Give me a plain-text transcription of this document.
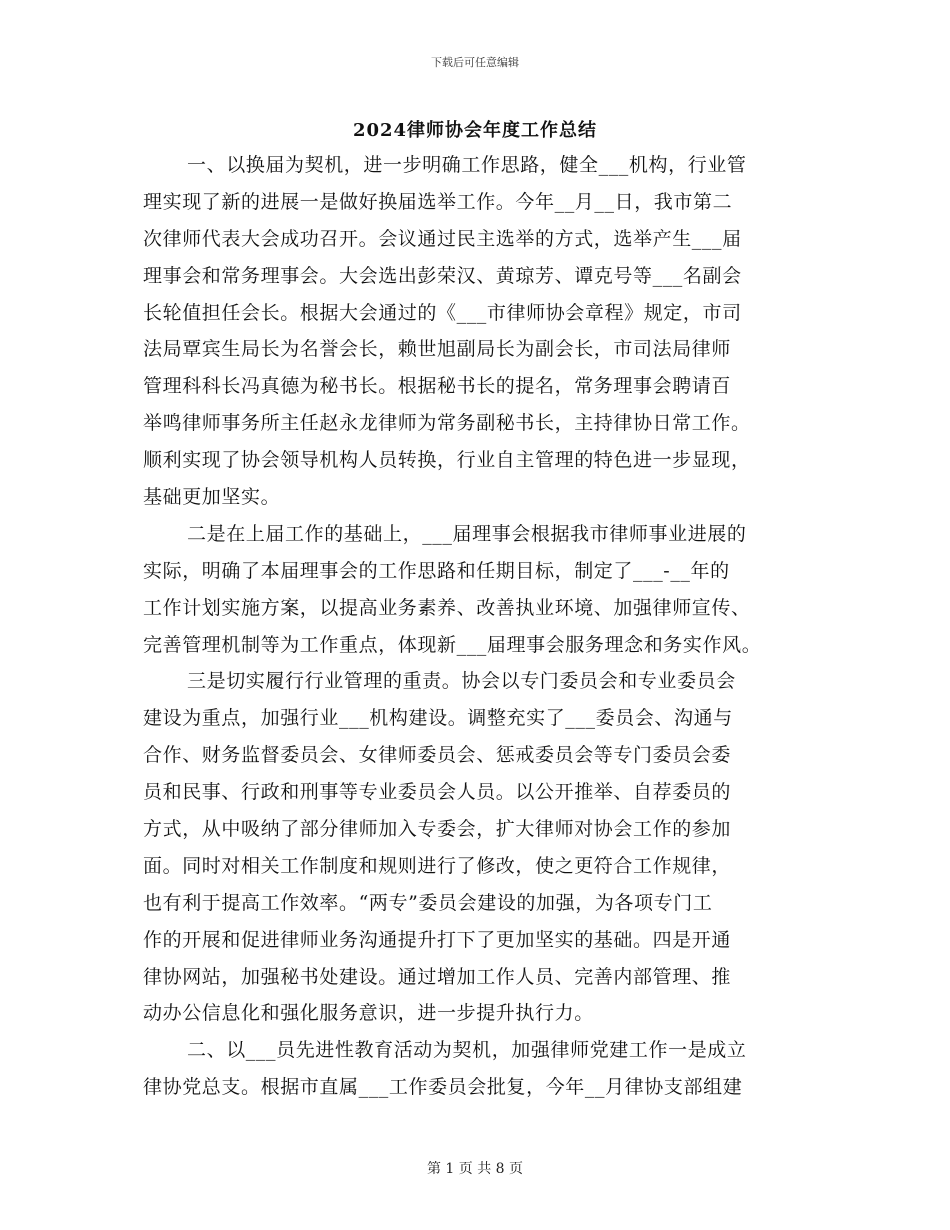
下载后可任意编辑
2024律师协会年度工作总结
一、以换届为契机，进一步明确工作思路，健全___机构，行业管
理实现了新的进展一是做好换届选举工作。今年__月__日，我市第二
次律师代表大会成功召开。会议通过民主选举的方式，选举产生___届
理事会和常务理事会。大会选出彭荣汉、黄琼芳、谭克号等___名副会
长轮值担任会长。根据大会通过的《___市律师协会章程》规定，市司
法局覃宾生局长为名誉会长，赖世旭副局长为副会长，市司法局律师
管理科科长冯真德为秘书长。根据秘书长的提名，常务理事会聘请百
举鸣律师事务所主任赵永龙律师为常务副秘书长，主持律协日常工作。
顺利实现了协会领导机构人员转换，行业自主管理的特色进一步显现，
基础更加坚实。
二是在上届工作的基础上，___届理事会根据我市律师事业进展的
实际，明确了本届理事会的工作思路和任期目标，制定了___-__年的
工作计划实施方案，以提高业务素养、改善执业环境、加强律师宣传、
完善管理机制等为工作重点，体现新___届理事会服务理念和务实作风。
三是切实履行行业管理的重责。协会以专门委员会和专业委员会
建设为重点，加强行业___机构建设。调整充实了___委员会、沟通与
合作、财务监督委员会、女律师委员会、惩戒委员会等专门委员会委
员和民事、行政和刑事等专业委员会人员。以公开推举、自荐委员的
方式，从中吸纳了部分律师加入专委会，扩大律师对协会工作的参加
面。同时对相关工作制度和规则进行了修改，使之更符合工作规律，
也有利于提高工作效率。“两专”委员会建设的加强，为各项专门工
作的开展和促进律师业务沟通提升打下了更加坚实的基础。四是开通
律协网站，加强秘书处建设。通过增加工作人员、完善内部管理、推
动办公信息化和强化服务意识，进一步提升执行力。
二、以___员先进性教育活动为契机，加强律师党建工作一是成立
律协党总支。根据市直属___工作委员会批复，今年__月律协支部组建
第 1 页 共 8 页
